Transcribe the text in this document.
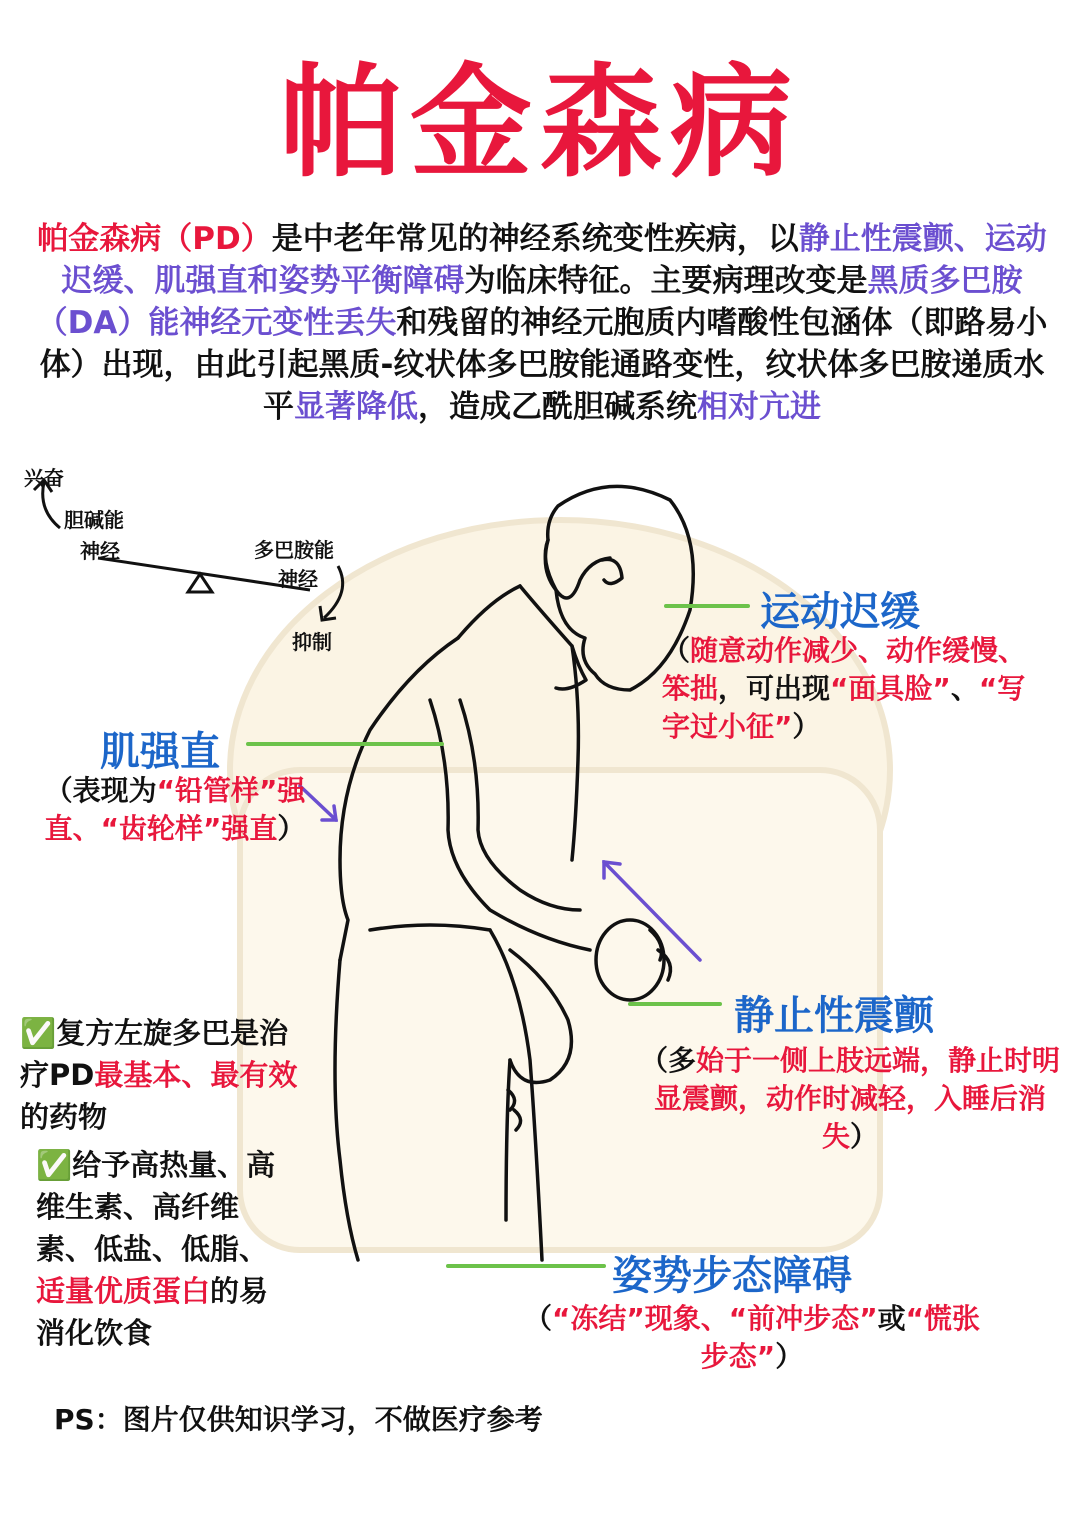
帕金森病
帕金森病（PD）是中老年常见的神经系统变性疾病，以静止性震颤、运动迟缓、肌强直和姿势平衡障碍为临床特征。主要病理改变是黑质多巴胺（DA）能神经元变性丢失和残留的神经元胞质内嗜酸性包涵体（即路易小体）出现，由此引起黑质-纹状体多巴胺能通路变性，纹状体多巴胺递质水平显著降低，造成乙酰胆碱系统相对亢进
兴奋
胆碱能
神经	多巴胺能
神经
抑制
运动迟缓
（随意动作减少、动作缓慢、笨拙，可出现“面具脸”、“写字过小征”）
肌强直
（表现为“铅管样”强直、“齿轮样”强直）
静止性震颤
（多始于一侧上肢远端，静止时明显震颤，动作时减轻，入睡后消失）
姿势步态障碍
（“冻结”现象、“前冲步态”或“慌张步态”）
✅复方左旋多巴是治疗PD最基本、最有效的药物
✅给予高热量、高维生素、高纤维素、低盐、低脂、适量优质蛋白的易消化饮食
PS：图片仅供知识学习，不做医疗参考
